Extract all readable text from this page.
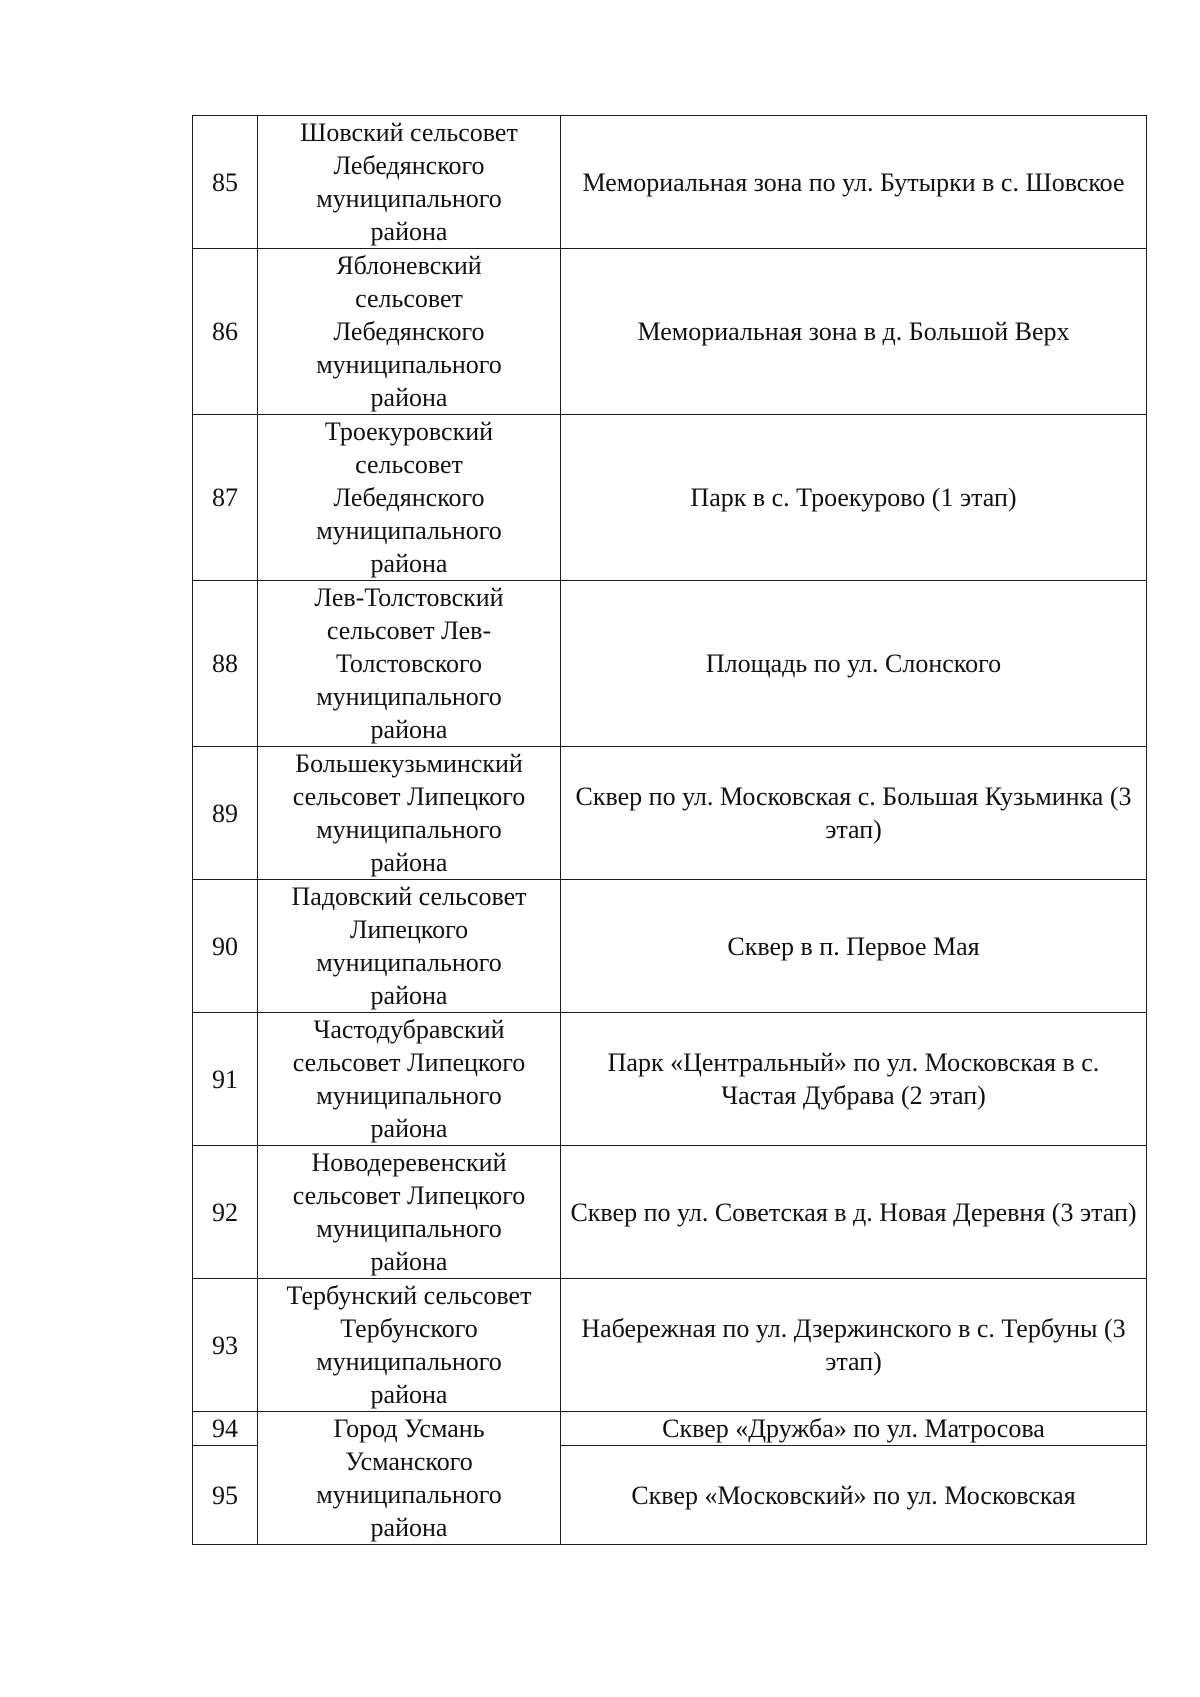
85	Шовский сельсовет
Лебедянского
муниципального
района	Мемориальная зона по ул. Бутырки в с. Шовское

86	Яблоневский
сельсовет
Лебедянского
муниципального
района	Мемориальная зона в д. Большой Верх

87	Троекуровский
сельсовет
Лебедянского
муниципального
района	Парк в с. Троекурово (1 этап)

88	Лев-Толстовский
сельсовет Лев-
Толстовского
муниципального
района	Площадь по ул. Слонского

89	Большекузьминский
сельсовет Липецкого
муниципального
района	Сквер по ул. Московская с. Большая Кузьминка (3 этап)

90	Падовский сельсовет
Липецкого
муниципального
района	Сквер в п. Первое Мая

91	Частодубравский
сельсовет Липецкого
муниципального
района	Парк «Центральный» по ул. Московская в с. Частая Дубрава (2 этап)

92	Новодеревенский
сельсовет Липецкого
муниципального
района	Сквер по ул. Советская в д. Новая Деревня (3 этап)

93	Тербунский сельсовет
Тербунского
муниципального
района	Набережная по ул. Дзержинского в с. Тербуны (3 этап)

94	Город Усмань
Усманского
муниципального
района	Сквер «Дружба» по ул. Матросова

95		Сквер «Московский» по ул. Московская
